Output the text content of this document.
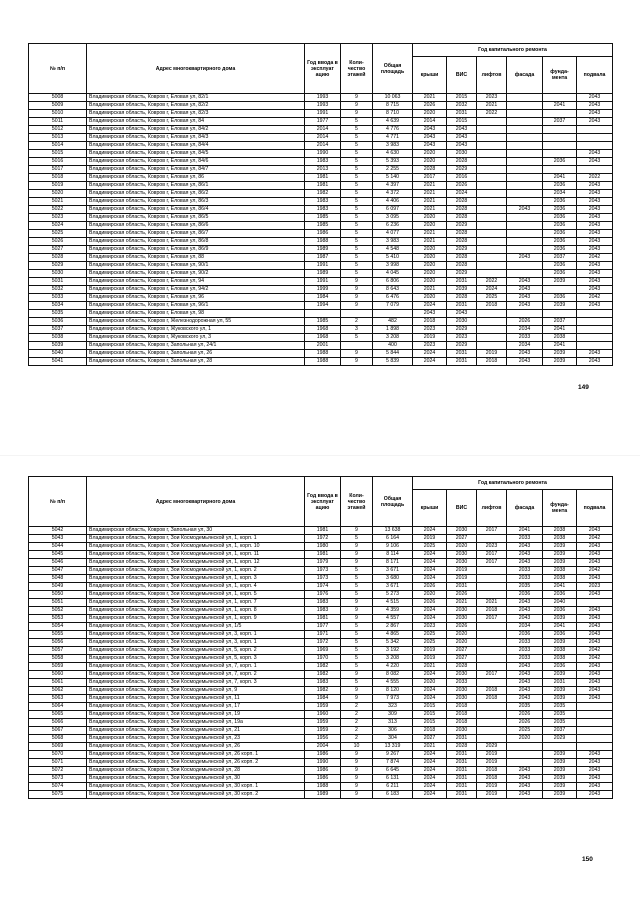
№ п/п	Адрес многоквартирного дома	Год ввода в эксплуат ацию	Коли-чество этажей	Общая площадь	Год капитального ремонта					
					крыши	ВИС	лифтов	фасада	фунда-мента	подвала
5008	Владимирская область, Ковров г, Еловая ул, 82/1	1993	9	10 063	2021	2015	2023			2043
5009	Владимирская область, Ковров г, Еловая ул, 82/2	1993	9	8 715	2026	2032	2021		2041	2043
5010	Владимирская область, Ковров г, Еловая ул, 82/3	1991	9	8 710	2020	2031	2022			2043
5011	Владимирская область, Ковров г, Еловая ул, 84	1977	5	4 639	2014	2015			2037	2043
5012	Владимирская область, Ковров г, Еловая ул, 84/2	2014	5	4 776	2043	2043				
5013	Владимирская область, Ковров г, Еловая ул, 84/3	2014	5	4 771	2043	2043				
5014	Владимирская область, Ковров г, Еловая ул, 84/4	2014	5	3 983	2043	2043				
5015	Владимирская область, Ковров г, Еловая ул, 84/5	1990	5	4 630	2020	2030				2043
5016	Владимирская область, Ковров г, Еловая ул, 84/6	1983	5	5 393	2020	2028			2036	2043
5017	Владимирская область, Ковров г, Еловая ул, 84/7	2013	5	2 255	2028	2029				
5018	Владимирская область, Ковров г, Еловая ул, 86	1981	5	5 140	2017	2016			2041	2022
5019	Владимирская область, Ковров г, Еловая ул, 86/1	1981	5	4 397	2021	2026			2036	2043
5020	Владимирская область, Ковров г, Еловая ул, 86/2	1982	5	4 372	2021	2024			2034	2043
5021	Владимирская область, Ковров г, Еловая ул, 86/3	1983	5	4 406	2021	2028			2036	2043
5022	Владимирская область, Ковров г, Еловая ул, 86/4	1983	5	6 097	2021	2028		2043	2036	2043
5023	Владимирская область, Ковров г, Еловая ул, 86/5	1985	5	3 095	2020	2028			2036	2043
5024	Владимирская область, Ковров г, Еловая ул, 86/6	1985	5	6 236	2020	2029			2036	2043
5025	Владимирская область, Ковров г, Еловая ул, 86/7	1986	5	4 077	2021	2028			2036	2043
5026	Владимирская область, Ковров г, Еловая ул, 86/8	1988	5	3 983	2021	2028			2036	2043
5027	Владимирская область, Ковров г, Еловая ул, 86/9	1989	5	4 548	2020	2029			2036	2043
5028	Владимирская область, Ковров г, Еловая ул, 88	1987	5	5 410	2020	2028		2043	2037	2042
5029	Владимирская область, Ковров г, Еловая ул, 90/1	1991	5	3 998	2020	2028			2036	2043
5030	Владимирская область, Ковров г, Еловая ул, 90/2	1989	5	4 045	2020	2029			2036	2043
5031	Владимирская область, Ковров г, Еловая ул, 94	1991	9	6 806	2020	2031	2022	2043	2039	2043
5032	Владимирская область, Ковров г, Еловая ул, 94/2	1999	9	8 643	2021	2039	2024	2043		2043
5033	Владимирская область, Ковров г, Еловая ул, 96	1984	9	6 476	2020	2028	2025	2043	2036	2042
5034	Владимирская область, Ковров г, Еловая ул, 96/1	1994	9	7 079	2024	2031	2018	2043	2039	2043
5035	Владимирская область, Ковров г, Еловая ул, 98				2043	2043				
5036	Владимирская область, Ковров г, Железнодорожная ул, 55	1985	2	482	2018	2030		2026	2037	
5037	Владимирская область, Ковров г, Жуковского ул, 1	1968	3	1 898	2023	2029		2034	2041	
5038	Владимирская область, Ковров г, Жуковского ул, 3	1968	5	3 208	2019	2023		2033	2038	
5039	Владимирская область, Ковров г, Запольная ул, 24/1	2001		400	2023	2029		2034	2041	
5040	Владимирская область, Ковров г, Запольная ул, 26	1988	9	5 844	2024	2031	2019	2043	2039	2043
5041	Владимирская область, Ковров г, Запольная ул, 28	1988	9	5 839	2024	2031	2018	2043	2039	2043
149
№ п/п	Адрес многоквартирного дома	Год ввода в эксплуат ацию	Коли-чество этажей	Общая площадь	Год капитального ремонта					
					крыши	ВИС	лифтов	фасада	фунда-мента	подвала
5042	Владимирская область, Ковров г, Запольная ул, 30	1981	9	13 638	2024	2030	2017	2041	2038	2043
5043	Владимирская область, Ковров г, Зои Космодемьянской ул, 1, корп. 1	1972	5	6 164	2019	2027		2033	2038	2042
5044	Владимирская область, Ковров г, Зои Космодемьянской ул, 1, корп. 10	1980	9	9 106	2025	2020	2023	2043	2039	2043
5045	Владимирская область, Ковров г, Зои Космодемьянской ул, 1, корп. 11	1981	9	8 114	2024	2030	2017	2043	2039	2043
5046	Владимирская область, Ковров г, Зои Космодемьянской ул, 1, корп. 12	1979	9	8 171	2024	2030	2017	2043	2039	2043
5047	Владимирская область, Ковров г, Зои Космодемьянской ул, 1, корп. 2	1973	5	3 671	2024	2019		2033	2038	2042
5048	Владимирская область, Ковров г, Зои Космодемьянской ул, 1, корп. 3	1973	5	3 680	2024	2019		2033	2038	2043
5049	Владимирская область, Ковров г, Зои Космодемьянской ул, 1, корп. 4	1974	5	3 671	2026	2031		2035	2041	2023
5050	Владимирская область, Ковров г, Зои Космодемьянской ул, 1, корп. 5	1976	5	5 273	2020	2026		2036	2036	2043
5051	Владимирская область, Ковров г, Зои Космодемьянской ул, 1, корп. 7	1983	9	4 515	2026	2021	2021	2043	2040	
5052	Владимирская область, Ковров г, Зои Космодемьянской ул, 1, корп. 8	1983	9	4 359	2024	2030	2018	2043	2036	2043
5053	Владимирская область, Ковров г, Зои Космодемьянской ул, 1, корп. 9	1981	9	4 557	2024	2030	2017	2043	2039	2043
5054	Владимирская область, Ковров г, Зои Космодемьянской ул, 1/5	1977	5	2 867	2023	2026		2034	2041	2043
5055	Владимирская область, Ковров г, Зои Космодемьянской ул, 3, корп. 1	1971	5	4 865	2025	2020		2036	2036	2043
5056	Владимирская область, Ковров г, Зои Космодемьянской ул, 3, корп. 1	1972	5	5 342	2025	2020		2033	2039	2043
5057	Владимирская область, Ковров г, Зои Космодемьянской ул, 5, корп. 2	1969	5	3 192	2019	2027		2033	2038	2042
5058	Владимирская область, Ковров г, Зои Космодемьянской ул, 5, корп. 3	1970	5	3 208	2019	2027		2033	2038	2042
5059	Владимирская область, Ковров г, Зои Космодемьянской ул, 7, корп. 1	1982	5	4 220	2021	2028		2043	2036	2043
5060	Владимирская область, Ковров г, Зои Космодемьянской ул, 7, корп. 2	1982	9	8 082	2024	2030	2017	2043	2039	2043
5061	Владимирская область, Ковров г, Зои Космодемьянской ул, 7, корп. 3	1983	5	4 555	2020	2033		2043	2031	2043
5062	Владимирская область, Ковров г, Зои Космодемьянской ул, 9	1982	9	8 120	2024	2030	2018	2043	2039	2043
5063	Владимирская область, Ковров г, Зои Космодемьянской ул, 11	1984	9	7 973	2024	2030	2018	2043	2039	2043
5064	Владимирская область, Ковров г, Зои Космодемьянской ул, 17	1959	2	323	2015	2018		2035	2035	
5065	Владимирская область, Ковров г, Зои Космодемьянской ул, 19	1960	2	309	2015	2018		2026	2035	
5066	Владимирская область, Ковров г, Зои Космодемьянской ул, 19а	1959	2	313	2015	2018		2026	2035	
5067	Владимирская область, Ковров г, Зои Космодемьянской ул, 21	1959	2	306	2018	2030		2025	2037	
5068	Владимирская область, Ковров г, Зои Космодемьянской ул, 23	1956	2	304	2027	2031		2020	2029	
5069	Владимирская область, Ковров г, Зои Космодемьянской ул, 26	2004	10	13 319	2021	2028	2029			
5070	Владимирская область, Ковров г, Зои Космодемьянской ул, 26 корп. 1	1986	9	9 267	2024	2031	2019		2039	2043
5071	Владимирская область, Ковров г, Зои Космодемьянской ул, 26 корп. 2	1990	9	7 874	2024	2031	2019		2039	2043
5072	Владимирская область, Ковров г, Зои Космодемьянской ул, 28	1986	9	6 645	2024	2031	2018	2043	2039	2043
5073	Владимирская область, Ковров г, Зои Космодемьянской ул, 30	1986	9	6 131	2024	2031	2018	2043	2039	2043
5074	Владимирская область, Ковров г, Зои Космодемьянской ул, 30 корп. 1	1988	9	6 211	2024	2031	2019	2043	2039	2043
5075	Владимирская область, Ковров г, Зои Космодемьянской ул, 30 корп. 2	1989	9	6 183	2024	2031	2019	2043	2039	2043
150
